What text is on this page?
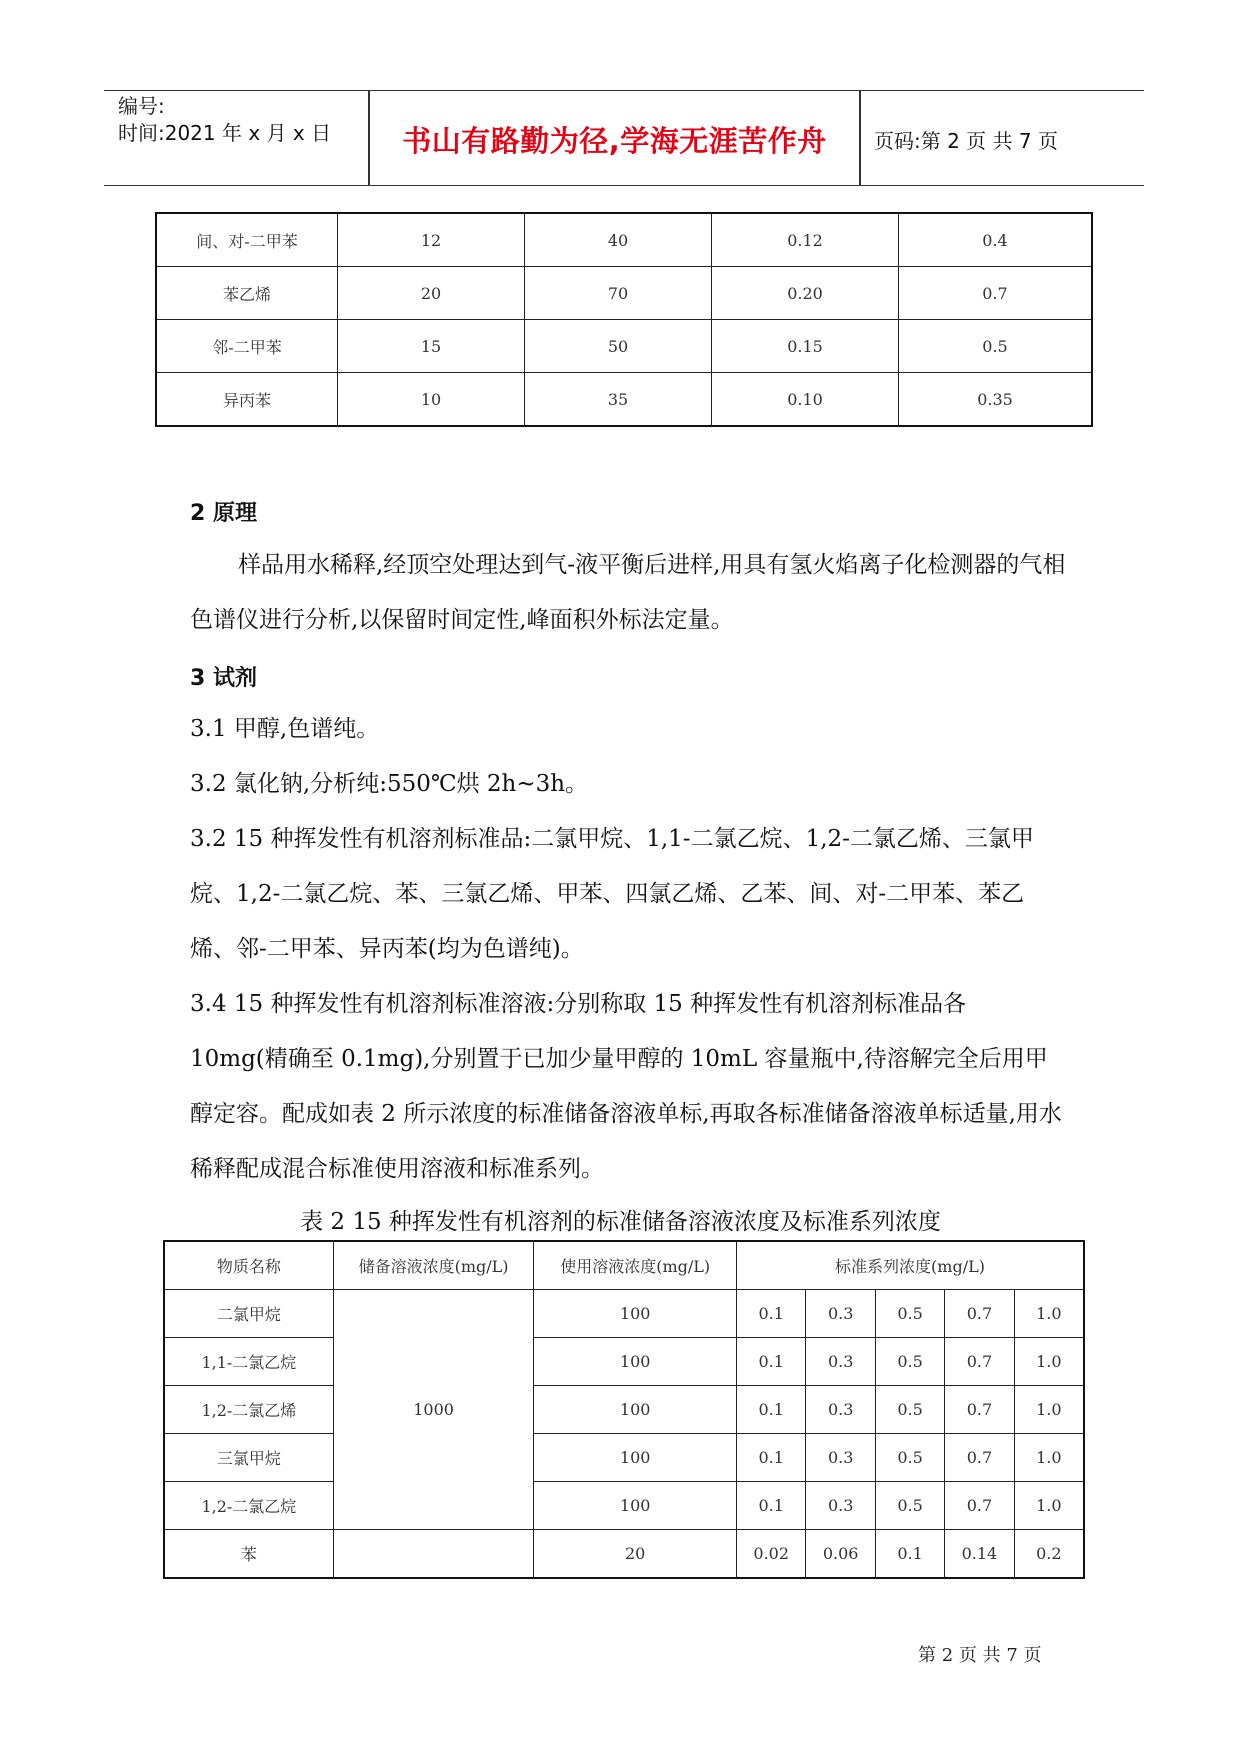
编号:
时间:2021 年 x 月 x 日	书山有路勤为径,学海无涯苦作舟	页码:第 2 页 共 7 页
间、对-二甲苯	12	40	0.12	0.4
苯乙烯	20	70	0.20	0.7
邻-二甲苯	15	50	0.15	0.5
异丙苯	10	35	0.10	0.35
2 原理
样品用水稀释,经顶空处理达到气-液平衡后进样,用具有氢火焰离子化检测器的气相色谱仪进行分析,以保留时间定性,峰面积外标法定量。
3 试剂
3.1 甲醇,色谱纯。
3.2 氯化钠,分析纯:550℃烘 2h~3h。
3.2 15 种挥发性有机溶剂标准品:二氯甲烷、1,1-二氯乙烷、1,2-二氯乙烯、三氯甲烷、1,2-二氯乙烷、苯、三氯乙烯、甲苯、四氯乙烯、乙苯、间、对-二甲苯、苯乙烯、邻-二甲苯、异丙苯(均为色谱纯)。
3.4 15 种挥发性有机溶剂标准溶液:分别称取 15 种挥发性有机溶剂标准品各 10mg(精确至 0.1mg),分别置于已加少量甲醇的 10mL 容量瓶中,待溶解完全后用甲醇定容。配成如表 2 所示浓度的标准储备溶液单标,再取各标准储备溶液单标适量,用水稀释配成混合标准使用溶液和标准系列。
表 2 15 种挥发性有机溶剂的标准储备溶液浓度及标准系列浓度
物质名称	储备溶液浓度(mg/L)	使用溶液浓度(mg/L)	标准系列浓度(mg/L)				
二氯甲烷	1000	100	0.1	0.3	0.5	0.7	1.0
1,1-二氯乙烷		100	0.1	0.3	0.5	0.7	1.0
1,2-二氯乙烯		100	0.1	0.3	0.5	0.7	1.0
三氯甲烷		100	0.1	0.3	0.5	0.7	1.0
1,2-二氯乙烷		100	0.1	0.3	0.5	0.7	1.0
苯		20	0.02	0.06	0.1	0.14	0.2
第 2 页 共 7 页
